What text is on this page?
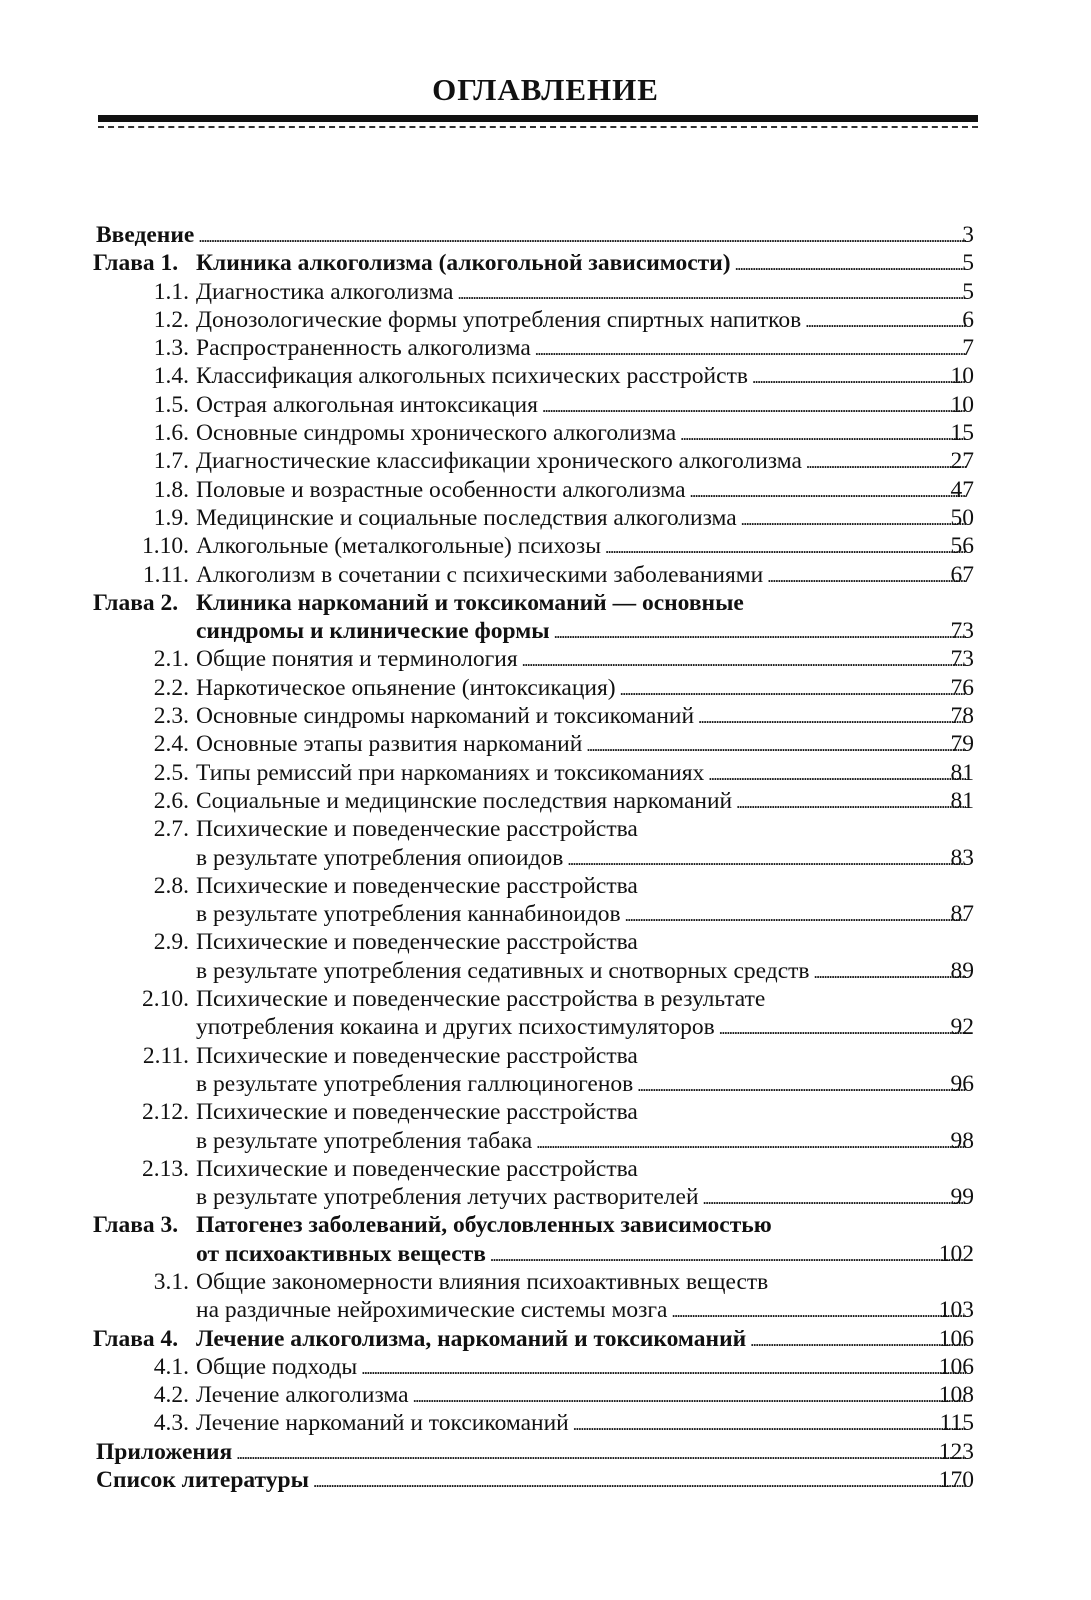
ОГЛАВЛЕНИЕ
Введение . . .	3
Глава 1. Клиника алкоголизма (алкогольной зависимости) . . .	5
1.1. Диагностика алкоголизма . . .	5
1.2. Донозологические формы употребления спиртных напитков . . .	6
1.3. Распространенность алкоголизма . . .	7
1.4. Классификация алкогольных психических расстройств . . .	10
1.5. Острая алкогольная интоксикация . . .	10
1.6. Основные синдромы хронического алкоголизма . . .	15
1.7. Диагностические классификации хронического алкоголизма . . .	27
1.8. Половые и возрастные особенности алкоголизма . . .	47
1.9. Медицинские и социальные последствия алкоголизма . . .	50
1.10. Алкогольные (металкогольные) психозы . . .	56
1.11. Алкоголизм в сочетании с психическими заболеваниями . . .	67
Глава 2. Клиника наркоманий и токсикоманий — основные
синдромы и клинические формы . . .	73
2.1. Общие понятия и терминология . . .	73
2.2. Наркотическое опьянение (интоксикация) . . .	76
2.3. Основные синдромы наркоманий и токсикоманий . . .	78
2.4. Основные этапы развития наркоманий . . .	79
2.5. Типы ремиссий при наркоманиях и токсикоманиях . . .	81
2.6. Социальные и медицинские последствия наркоманий . . .	81
2.7. Психические и поведенческие расстройства
в результате употребления опиоидов . . .	83
2.8. Психические и поведенческие расстройства
в результате употребления каннабиноидов . . .	87
2.9. Психические и поведенческие расстройства
в результате употребления седативных и снотворных средств . . .	89
2.10. Психические и поведенческие расстройства в результате
употребления кокаина и других психостимуляторов . . .	92
2.11. Психические и поведенческие расстройства
в результате употребления галлюциногенов . . .	96
2.12. Психические и поведенческие расстройства
в результате употребления табака . . .	98
2.13. Психические и поведенческие расстройства
в результате употребления летучих растворителей . . .	99
Глава 3. Патогенез заболеваний, обусловленных зависимостью
от психоактивных веществ . . .	102
3.1. Общие закономерности влияния психоактивных веществ
на раздичные нейрохимические системы мозга . . .	103
Глава 4. Лечение алкоголизма, наркоманий и токсикоманий . . .	106
4.1. Общие подходы . . .	106
4.2. Лечение алкоголизма . . .	108
4.3. Лечение наркоманий и токсикоманий . . .	115
Приложения . . .	123
Список литературы . . .	170
